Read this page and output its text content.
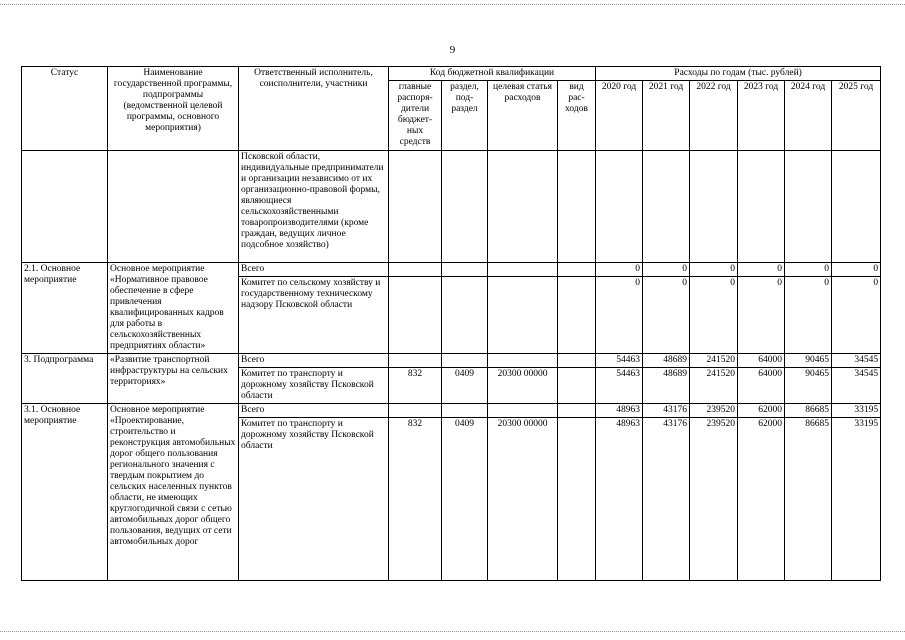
9
Статус	Наименование государственной программы, подпрограммы (ведомственной целевой программы, основного мероприятия)	Ответственный исполнитель, соисполнители, участники	Код бюджетной квалификации				Расходы по годам (тыс. рублей)					
			главные распоря-дители бюджет-ных средств	раздел, под-раздел	целевая статья расходов	вид рас-ходов	2020 год	2021 год	2022 год	2023 год	2024 год	2025 год
		Псковской области, индивидуальные предприниматели и организации независимо от их организационно-правовой формы, являющиеся сельскохозяйственными товаропроизводителями (кроме граждан, ведущих личное подсобное хозяйство)										
2.1. Основное мероприятие	Основное мероприятие «Нормативное правовое обеспечение в сфере привлечения квалифицированных кадров для работы в сельскохозяйственных предприятиях области»	Всего					0	0	0	0	0	0
		Комитет по сельскому хозяйству и государственному техническому надзору Псковской области					0	0	0	0	0	0
3. Подпрограмма	«Развитие транспортной инфраструктуры на сельских территориях»	Всего					54463	48689	241520	64000	90465	34545
		Комитет по транспорту и дорожному хозяйству Псковской области	832	0409	20300 00000		54463	48689	241520	64000	90465	34545
3.1. Основное мероприятие	Основное мероприятие «Проектирование, строительство и реконструкция автомобильных дорог общего пользования регионального значения с твердым покрытием до сельских населенных пунктов области, не имеющих круглогодичной связи с сетью автомобильных дорог общего пользования, ведущих от сети автомобильных дорог	Всего					48963	43176	239520	62000	86685	33195
		Комитет по транспорту и дорожному хозяйству Псковской области	832	0409	20300 00000		48963	43176	239520	62000	86685	33195
